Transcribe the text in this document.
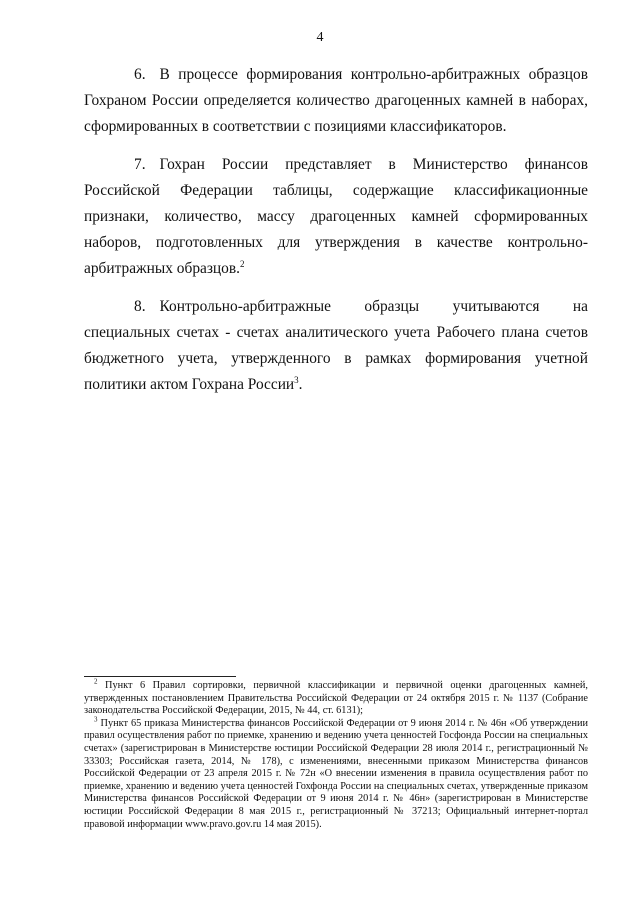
4

6. В процессе формирования контрольно-арбитражных образцов Гохраном России определяется количество драгоценных камней в наборах, сформированных в соответствии с позициями классификаторов.

7. Гохран России представляет в Министерство финансов Российской Федерации таблицы, содержащие классификационные признаки, количество, массу драгоценных камней сформированных наборов, подготовленных для утверждения в качестве контрольно-арбитражных образцов.$^2$

8. Контрольно-арбитражные образцы учитываются на специальных счетах - счетах аналитического учета Рабочего плана счетов бюджетного учета, утвержденного в рамках формирования учетной политики актом Гохрана России$^3$.

$^2$ Пункт 6 Правил сортировки, первичной классификации и первичной оценки драгоценных камней, утвержденных постановлением Правительства Российской Федерации от 24 октября 2015 г. № 1137 (Собрание законодательства Российской Федерации, 2015, № 44, ст. 6131);

$^3$ Пункт 65 приказа Министерства финансов Российской Федерации от 9 июня 2014 г. № 46н «Об утверждении правил осуществления работ по приемке, хранению и ведению учета ценностей Госфонда России на специальных счетах» (зарегистрирован в Министерстве юстиции Российской Федерации 28 июля 2014 г., регистрационный № 33303; Российская газета, 2014, № 178), с изменениями, внесенными приказом Министерства финансов Российской Федерации от 23 апреля 2015 г. № 72н «О внесении изменения в правила осуществления работ по приемке, хранению и ведению учета ценностей Гохфонда России на специальных счетах, утвержденные приказом Министерства финансов Российской Федерации от 9 июня 2014 г. № 46н» (зарегистрирован в Министерстве юстиции Российской Федерации 8 мая 2015 г., регистрационный № 37213; Официальный интернет-портал правовой информации www.pravo.gov.ru 14 мая 2015).
